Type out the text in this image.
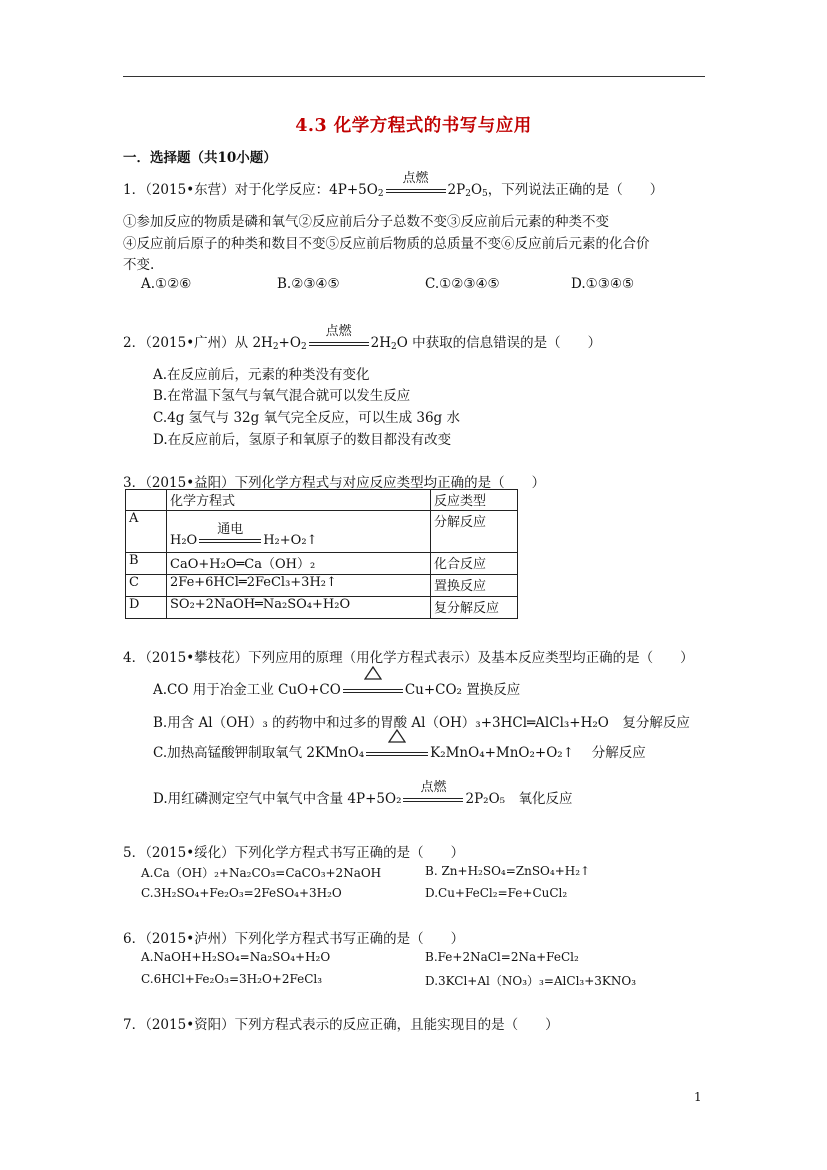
4.3 化学方程式的书写与应用
一．选择题（共10小题）
1．（2015•东营）对于化学反应：$4P+5O_2$
点燃
$2P_2O_5$，下列说法正确的是（　　）
①参加反应的物质是磷和氧气②反应前后分子总数不变③反应前后元素的种类不变
④反应前后原子的种类和数目不变⑤反应前后物质的总质量不变⑥反应前后元素的化合价
不变.
A.①②⑥	B.②③④⑤	C.①②③④⑤	D.①③④⑤
2．（2015•广州）从 $2H_2+O_2$
点燃
$2H_2O$ 中获取的信息错误的是（　　）
A.在反应前后，元素的种类没有变化
B.在常温下氢气与氧气混合就可以发生反应
C.4g 氢气与 32g 氧气完全反应，可以生成 36g 水
D.在反应前后，氢原子和氧原子的数目都没有改变
3．（2015•益阳）下列化学方程式与对应反应类型均正确的是（　　）
	化学方程式	反应类型
A	H₂O
通电
H₂+O₂↑	分解反应
B	CaO+H₂O═Ca（OH）₂	化合反应
C	2Fe+6HCl═2FeCl₃+3H₂↑	置换反应
D	SO₂+2NaOH═Na₂SO₄+H₂O	复分解反应
4．（2015•攀枝花）下列应用的原理（用化学方程式表示）及基本反应类型均正确的是（　　）
A.CO 用于冶金工业 CuO+CO	Cu+CO₂ 置换反应
B.用含 Al（OH）₃ 的药物中和过多的胃酸 Al（OH）₃+3HCl═AlCl₃+H₂O　复分解反应
C.加热高锰酸钾制取氧气 2KMnO₄	K₂MnO₄+MnO₂+O₂↑　 分解反应
D.用红磷测定空气中氧气中含量 4P+5O₂
点燃
2P₂O₅　氧化反应
5．（2015•绥化）下列化学方程式书写正确的是（　　）
A.Ca（OH）₂+Na₂CO₃=CaCO₃+2NaOH	B. Zn+H₂SO₄=ZnSO₄+H₂↑
C.3H₂SO₄+Fe₂O₃=2FeSO₄+3H₂O	D.Cu+FeCl₂=Fe+CuCl₂
6．（2015•泸州）下列化学方程式书写正确的是（　　）
A.NaOH+H₂SO₄=Na₂SO₄+H₂O	B.Fe+2NaCl=2Na+FeCl₂
C.6HCl+Fe₂O₃=3H₂O+2FeCl₃	D.3KCl+Al（NO₃）₃=AlCl₃+3KNO₃
7．（2015•资阳）下列方程式表示的反应正确，且能实现目的是（　　）
1
